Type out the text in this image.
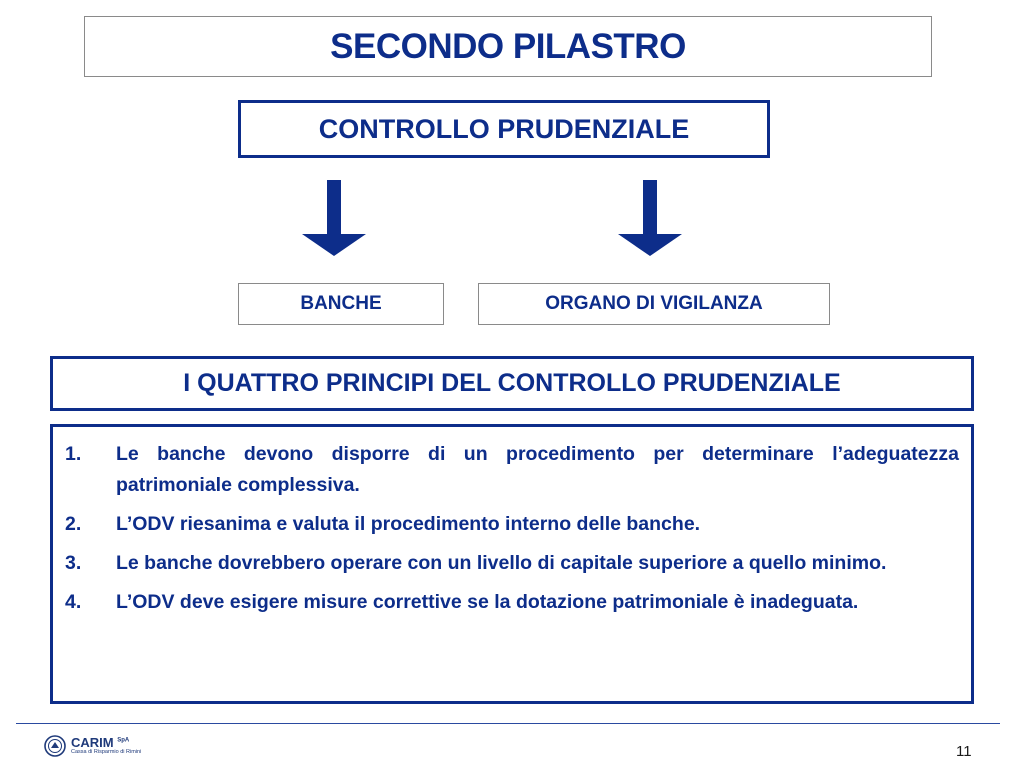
SECONDO PILASTRO
CONTROLLO PRUDENZIALE
BANCHE	ORGANO DI VIGILANZA
I QUATTRO PRINCIPI DEL CONTROLLO PRUDENZIALE
1.	Le banche devono disporre di un procedimento per determinare l’adeguatezza patrimoniale complessiva.
2.	L’ODV riesanima e valuta il procedimento interno delle banche.
3.	Le banche dovrebbero operare con un livello di capitale superiore a quello minimo.
4.	L’ODV deve esigere misure correttive se la dotazione patrimoniale è inadeguata.
CARIM $^{SpA}$
Cassa di Risparmio di Rimini	11
